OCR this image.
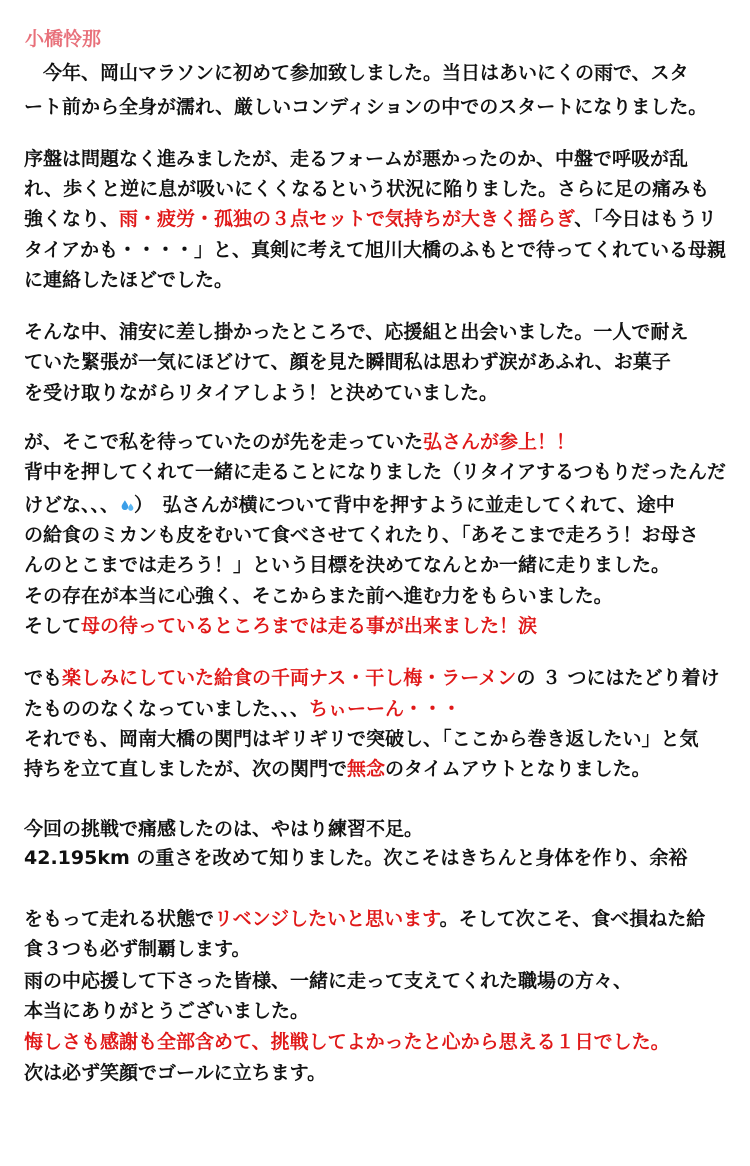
小橋怜那

　今年、岡山マラソンに初めて参加致しました。当日はあいにくの雨で、スタ

ート前から全身が濡れ、厳しいコンディションの中でのスタートになりました。

序盤は問題なく進みましたが、走るフォームが悪かったのか、中盤で呼吸が乱

れ、歩くと逆に息が吸いにくくなるという状況に陥りました。さらに足の痛みも

強くなり、雨・疲労・孤独の３点セットで気持ちが大きく揺らぎ、「今日はもうリ

タイアかも・・・・」と、真剣に考えて旭川大橋のふもとで待ってくれている母親

に連絡したほどでした。

そんな中、浦安に差し掛かったところで、応援組と出会いました。一人で耐え

ていた緊張が一気にほどけて、顔を見た瞬間私は思わず涙があふれ、お菓子

を受け取りながらリタイアしよう！と決めていました。

が、そこで私を待っていたのが先を走っていた弘さんが参上！！

背中を押してくれて一緒に走ることになりました（リタイアするつもりだったんだ

けどな、、、 ）　弘さんが横について背中を押すように並走してくれて、途中

の給食のミカンも皮をむいて食べさせてくれたり、「あそこまで走ろう！お母さ

んのとこまでは走ろう！」という目標を決めてなんとか一緒に走りました。

その存在が本当に心強く、そこからまた前へ進む力をもらいました。

そして母の待っているところまでは走る事が出来ました！涙

でも楽しみにしていた給食の千両ナス・干し梅・ラーメンの ３ つにはたどり着け

たもののなくなっていました、、、ちぃーーん・・・

それでも、岡南大橋の関門はギリギリで突破し、「ここから巻き返したい」と気

持ちを立て直しましたが、次の関門で無念のタイムアウトとなりました。

今回の挑戦で痛感したのは、やはり練習不足。

42.195km の重さを改めて知りました。次こそはきちんと身体を作り、余裕

をもって走れる状態でリベンジしたいと思います。そして次こそ、食べ損ねた給

食３つも必ず制覇します。

雨の中応援して下さった皆様、一緒に走って支えてくれた職場の方々、

本当にありがとうございました。

悔しさも感謝も全部含めて、挑戦してよかったと心から思える１日でした。

次は必ず笑顔でゴールに立ちます。
